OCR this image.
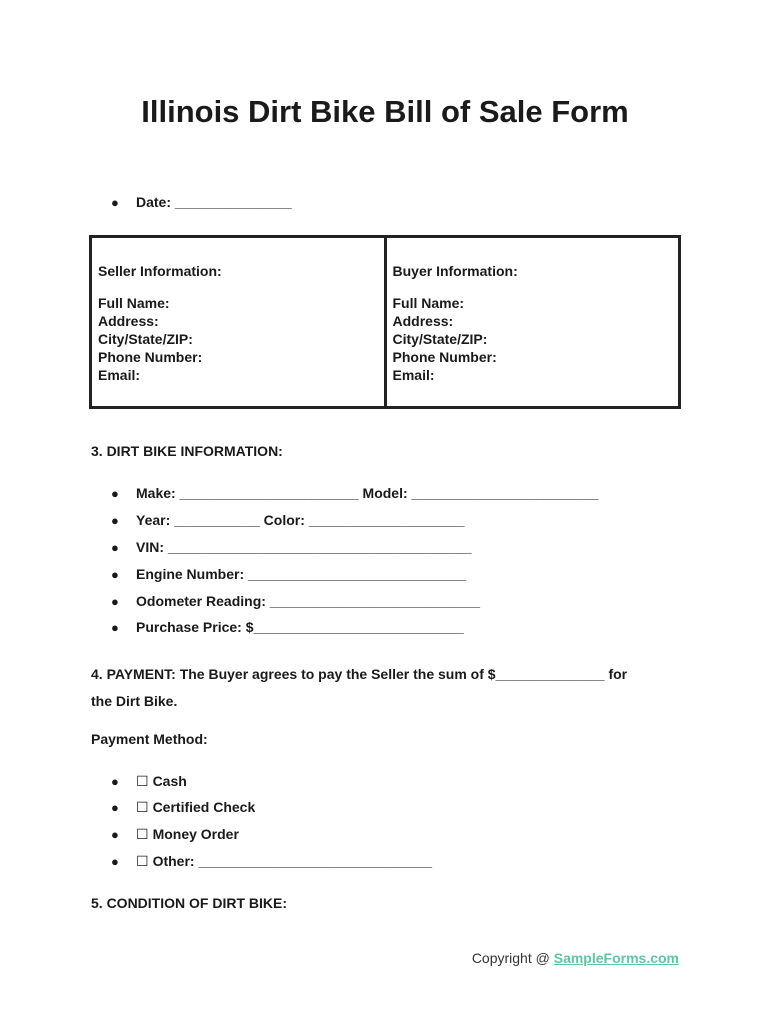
Illinois Dirt Bike Bill of Sale Form
● Date: _______________
Seller Information:
Full Name:
Address:
City/State/ZIP:
Phone Number:
Email:
Buyer Information:
Full Name:
Address:
City/State/ZIP:
Phone Number:
Email:
3. DIRT BIKE INFORMATION:
● Make: _______________________ Model: ________________________
● Year: ___________ Color: ____________________
● VIN: _______________________________________
● Engine Number: ____________________________
● Odometer Reading: ___________________________
● Purchase Price: $___________________________
4. PAYMENT: The Buyer agrees to pay the Seller the sum of $______________ for
the Dirt Bike.
Payment Method:
● ☐ Cash
● ☐ Certified Check
● ☐ Money Order
● ☐ Other: ______________________________
5. CONDITION OF DIRT BIKE:
Copyright @ SampleForms.com
